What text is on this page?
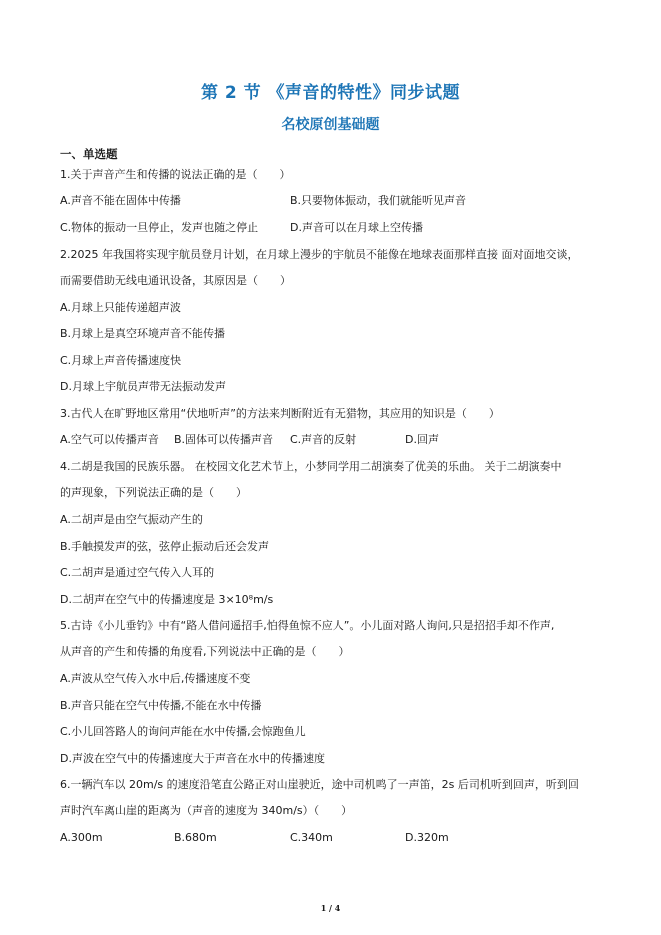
第 2 节 《声音的特性》同步试题
名校原创基础题
一、单选题
1.关于声音产生和传播的说法正确的是（　　）
A.声音不能在固体中传播	B.只要物体振动，我们就能听见声音
C.物体的振动一旦停止，发声也随之停止	D.声音可以在月球上空传播
2.2025 年我国将实现宇航员登月计划，在月球上漫步的宇航员不能像在地球表面那样直接 面对面地交谈，
而需要借助无线电通讯设备，其原因是（　　）
A.月球上只能传递超声波
B.月球上是真空环境声音不能传播
C.月球上声音传播速度快
D.月球上宇航员声带无法振动发声
3.古代人在旷野地区常用“伏地听声”的方法来判断附近有无猎物，其应用的知识是（　　）
A.空气可以传播声音 B.固体可以传播声音 C.声音的反射	D.回声
4.二胡是我国的民族乐器。 在校园文化艺术节上，小梦同学用二胡演奏了优美的乐曲。 关于二胡演奏中
的声现象，下列说法正确的是（　　）
A.二胡声是由空气振动产生的
B.手触摸发声的弦，弦停止振动后还会发声
C.二胡声是通过空气传入人耳的
D.二胡声在空气中的传播速度是 3×10⁸m/s
5.古诗《小儿垂钓》中有“路人借问遥招手,怕得鱼惊不应人”。小儿面对路人询问,只是招招手却不作声,
从声音的产生和传播的角度看,下列说法中正确的是（　　）
A.声波从空气传入水中后,传播速度不变
B.声音只能在空气中传播,不能在水中传播
C.小儿回答路人的询问声能在水中传播,会惊跑鱼儿
D.声波在空气中的传播速度大于声音在水中的传播速度
6.一辆汽车以 20m/s 的速度沿笔直公路正对山崖驶近，途中司机鸣了一声笛，2s 后司机听到回声，听到回
声时汽车离山崖的距离为（声音的速度为 340m/s）（　　）
A.300m	B.680m	C.340m	D.320m
1 / 4
